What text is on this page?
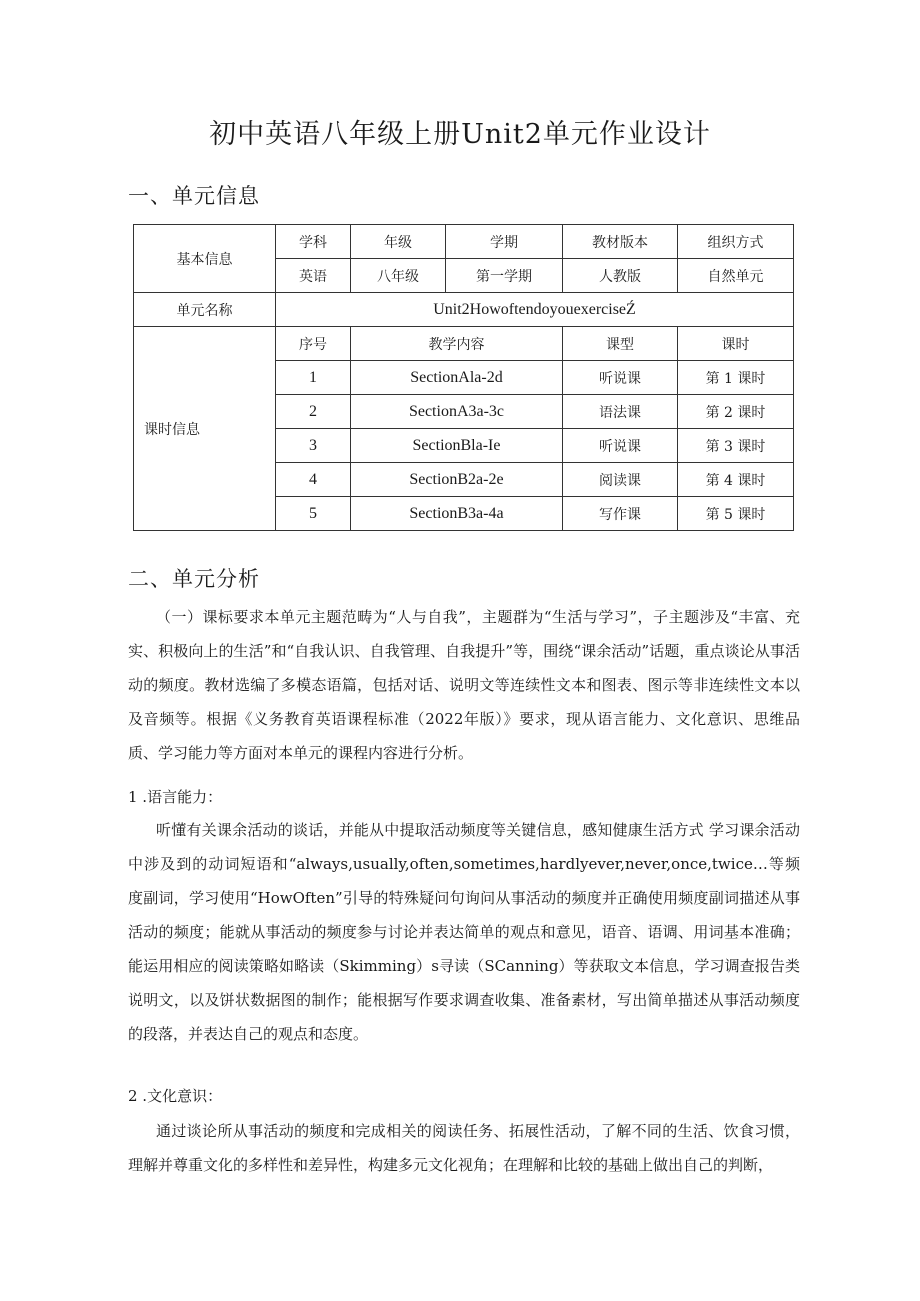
初中英语八年级上册Unit2单元作业设计
一、单元信息
基本信息	学科	年级	学期	教材版本	组织方式
	英语	八年级	第一学期	人教版	自然单元
单元名称	Unit2HowoftendoyouexerciseŹ				
课时信息	序号	教学内容		课型	课时
	1	SectionAla-2d		听说课	第 1 课时
	2	SectionA3a-3c		语法课	第 2 课时
	3	SectionBla-Ie		听说课	第 3 课时
	4	SectionB2a-2e		阅读课	第 4 课时
	5	SectionB3a-4a		写作课	第 5 课时
二、单元分析
（一）课标要求本单元主题范畴为“人与自我”，主题群为“生活与学习”，子主题涉及“丰富、充实、积极向上的生活”和“自我认识、自我管理、自我提升”等，围绕“课余活动”话题，重点谈论从事活动的频度。教材选编了多模态语篇，包括对话、说明文等连续性文本和图表、图示等非连续性文本以及音频等。根据《义务教育英语课程标准（2022年版）》要求，现从语言能力、文化意识、思维品质、学习能力等方面对本单元的课程内容进行分析。
1 .语言能力：
听懂有关课余活动的谈话，并能从中提取活动频度等关键信息，感知健康生活方式 学习课余活动中涉及到的动词短语和“always,usually,often,sometimes,hardlyever,never,once,twice…等频度副词，学习使用“HowOften”引导的特殊疑问句询问从事活动的频度并正确使用频度副词描述从事活动的频度；能就从事活动的频度参与讨论并表达简单的观点和意见，语音、语调、用词基本准确；能运用相应的阅读策略如略读（Skimming）s寻读（SCanning）等获取文本信息，学习调查报告类说明文，以及饼状数据图的制作；能根据写作要求调查收集、准备素材，写出简单描述从事活动频度的段落，并表达自己的观点和态度。
2 .文化意识：
通过谈论所从事活动的频度和完成相关的阅读任务、拓展性活动，了解不同的生活、饮食习惯，理解并尊重文化的多样性和差异性，构建多元文化视角；在理解和比较的基础上做出自己的判断，
